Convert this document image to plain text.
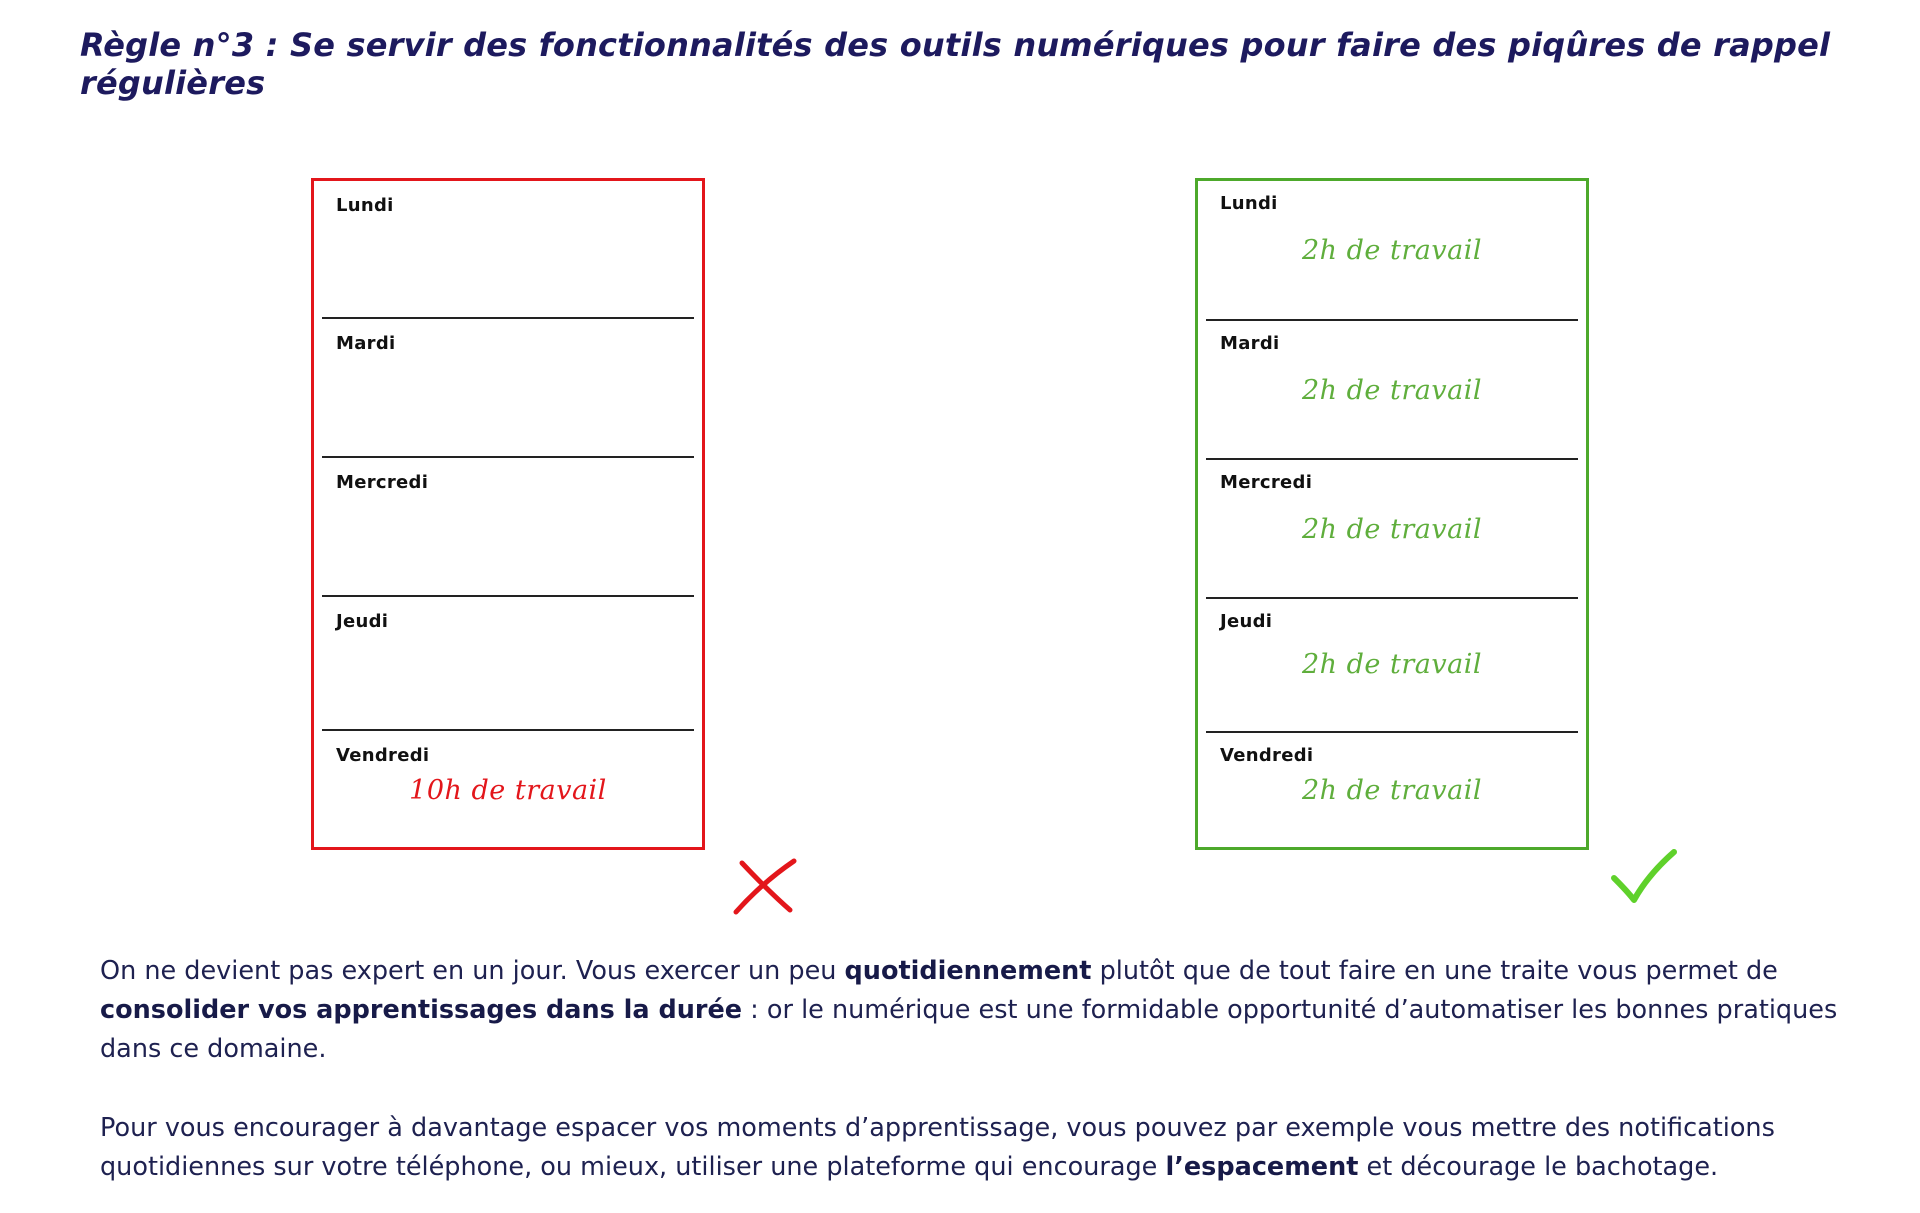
Règle n°3 : Se servir des fonctionnalités des outils numériques pour faire des piqûres de rappel régulières
Lundi
Mardi
Mercredi
Jeudi
Vendredi
10h de travail
Lundi
2h de travail
Mardi
2h de travail
Mercredi
2h de travail
Jeudi
2h de travail
Vendredi
2h de travail

On ne devient pas expert en un jour. Vous exercer un peu quotidiennement plutôt que de tout faire en une traite vous permet de consolider vos apprentissages dans la durée : or le numérique est une formidable opportunité d’automatiser les bonnes pratiques dans ce domaine.

Pour vous encourager à davantage espacer vos moments d’apprentissage, vous pouvez par exemple vous mettre des notifications quotidiennes sur votre téléphone, ou mieux, utiliser une plateforme qui encourage l’espacement et décourage le bachotage.
